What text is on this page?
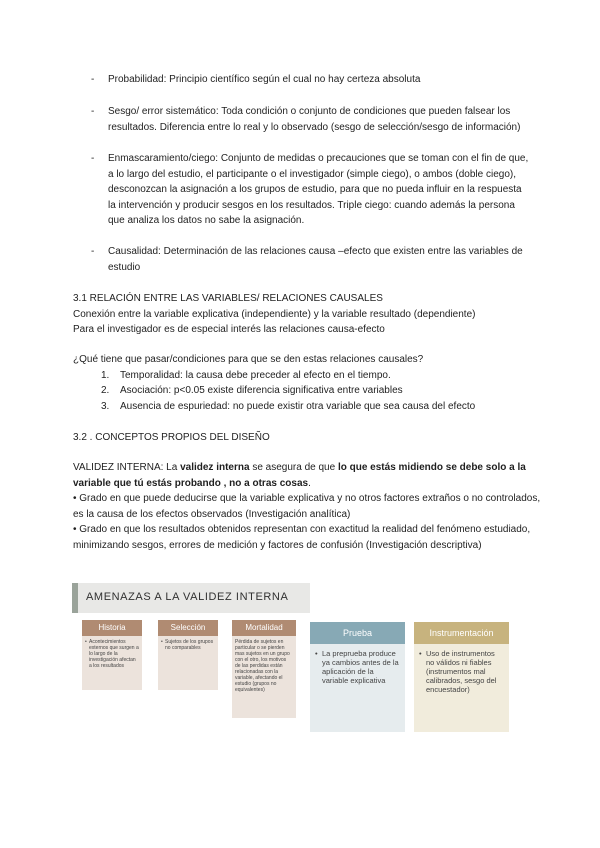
-	Probabilidad: Principio científico según el cual no hay certeza absoluta
-	Sesgo/ error sistemático: Toda condición o conjunto de condiciones que pueden falsear los resultados. Diferencia entre lo real y lo observado (sesgo de selección/sesgo de información)
-	Enmascaramiento/ciego: Conjunto de medidas o precauciones que se toman con el fin de que, a lo largo del estudio, el participante o el investigador (simple ciego), o ambos (doble ciego), desconozcan la asignación a los grupos de estudio, para que no pueda influir en la respuesta la intervención y producir sesgos en los resultados. Triple ciego: cuando además la persona que analiza los datos no sabe la asignación.
-	Causalidad: Determinación de las relaciones causa –efecto que existen entre las variables de estudio
3.1 RELACIÓN ENTRE LAS VARIABLES/ RELACIONES CAUSALES
Conexión entre la variable explicativa (independiente) y la variable resultado (dependiente)
Para el investigador es de especial interés las relaciones causa-efecto
¿Qué tiene que pasar/condiciones para que se den estas relaciones causales?
1. Temporalidad: la causa debe preceder al efecto en el tiempo.
2. Asociación: p<0.05 existe diferencia significativa entre variables
3. Ausencia de espuriedad: no puede existir otra variable que sea causa del efecto
3.2 . CONCEPTOS PROPIOS DEL DISEÑO
VALIDEZ INTERNA: La validez interna se asegura de que lo que estás midiendo se debe solo a la variable que tú estás probando , no a otras cosas.
• Grado en que puede deducirse que la variable explicativa y no otros factores extraños o no controlados, es la causa de los efectos observados (Investigación analítica)
• Grado en que los resultados obtenidos representan con exactitud la realidad del fenómeno estudiado, minimizando sesgos, errores de medición y factores de confusión (Investigación descriptiva)
AMENAZAS A LA VALIDEZ INTERNA
Historia
• Acontecimientos externos que surgen a lo largo de la investigación afectan a los resultados
Selección
• Sujetos de los grupos no comparables
Mortalidad
Pérdida de sujetos en particular o se pierden mas sujetos en un grupo con el otro, los motivos de las perdidas están relacionadas con la variable, afectando el estudio (grupos no equivalentes)
Prueba
• La preprueba produce ya cambios antes de la aplicación de la variable explicativa
Instrumentación
• Uso de instrumentos no válidos ni fiables (instrumentos mal calibrados, sesgo del encuestador)
